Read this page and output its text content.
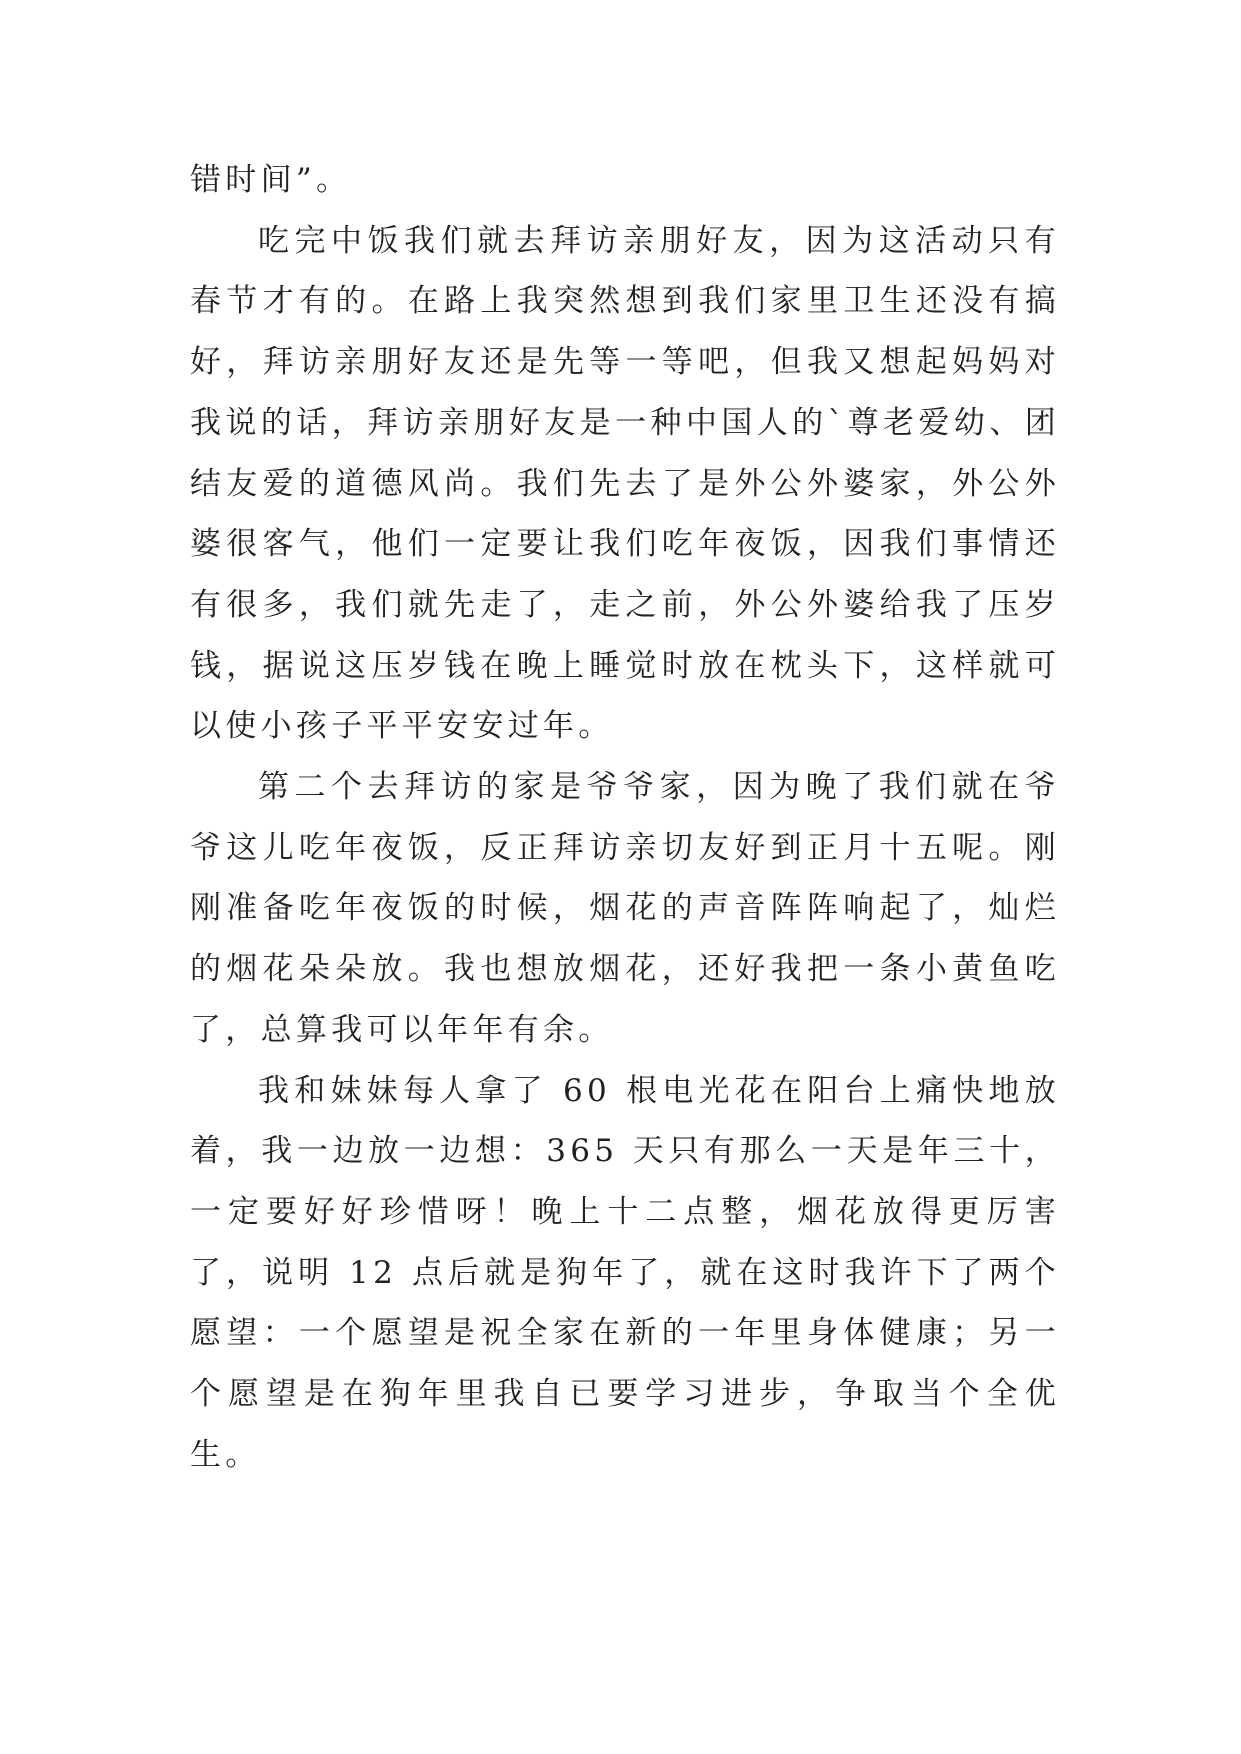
错时间”。

吃完中饭我们就去拜访亲朋好友，因为这活动只有春节才有的。在路上我突然想到我们家里卫生还没有搞好，拜访亲朋好友还是先等一等吧，但我又想起妈妈对我说的话，拜访亲朋好友是一种中国人的`尊老爱幼、团结友爱的道德风尚。我们先去了是外公外婆家，外公外婆很客气，他们一定要让我们吃年夜饭，因我们事情还有很多，我们就先走了，走之前，外公外婆给我了压岁钱，据说这压岁钱在晚上睡觉时放在枕头下，这样就可以使小孩子平平安安过年。

第二个去拜访的家是爷爷家，因为晚了我们就在爷爷这儿吃年夜饭，反正拜访亲切友好到正月十五呢。刚刚准备吃年夜饭的时候，烟花的声音阵阵响起了，灿烂的烟花朵朵放。我也想放烟花，还好我把一条小黄鱼吃了，总算我可以年年有余。

我和妹妹每人拿了 60 根电光花在阳台上痛快地放着，我一边放一边想：365 天只有那么一天是年三十，一定要好好珍惜呀！晚上十二点整，烟花放得更厉害了，说明 12 点后就是狗年了，就在这时我许下了两个愿望：一个愿望是祝全家在新的一年里身体健康；另一个愿望是在狗年里我自已要学习进步，争取当个全优生。
